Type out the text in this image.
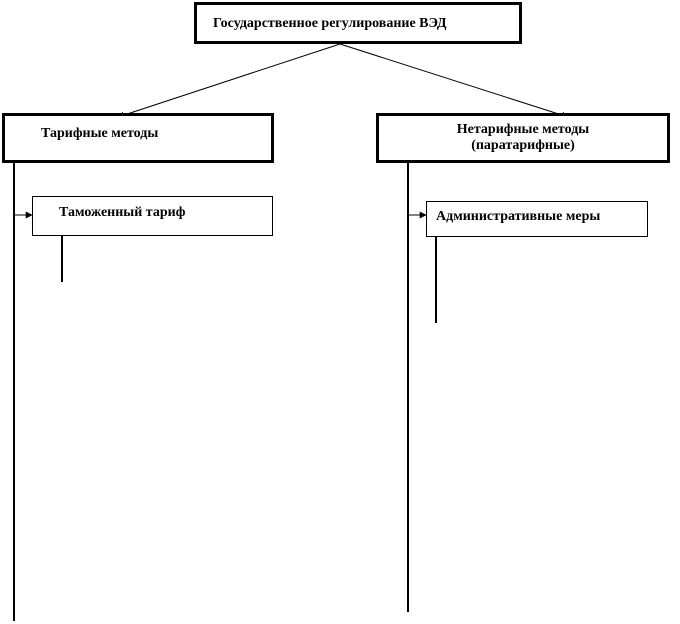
Государственное регулирование ВЭД
Тарифные методы	Нетарифные методы
(паратарифные)
Таможенный тариф	Административные меры
